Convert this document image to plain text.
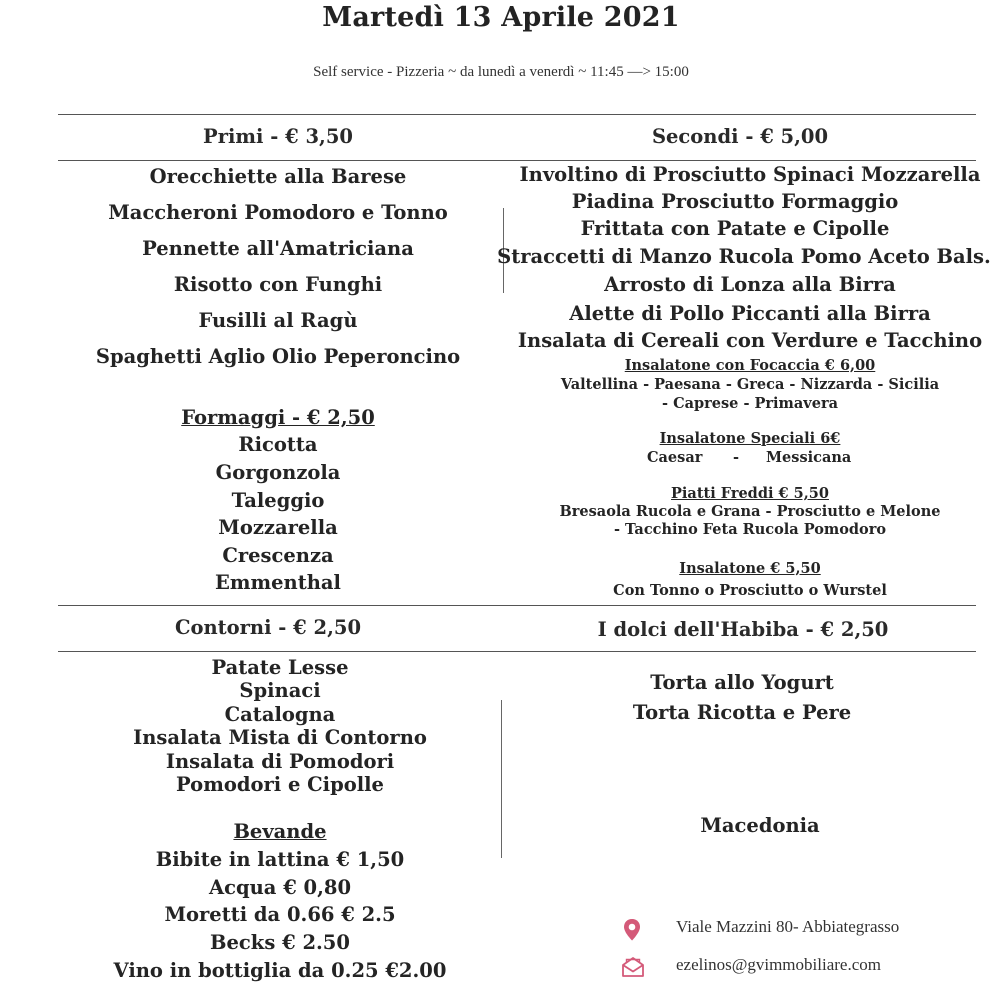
Martedì 13 Aprile 2021
Self service - Pizzeria ~ da lunedì a venerdì ~ 11:45 —> 15:00
Primi - € 3,50	Secondi - € 5,00
Contorni - € 2,50	I dolci dell'Habiba - € 2,50
Orecchiette alla Barese
Maccheroni Pomodoro e Tonno
Pennette all'Amatriciana
Risotto con Funghi
Fusilli al Ragù
Spaghetti Aglio Olio Peperoncino
Formaggi - € 2,50
Ricotta
Gorgonzola
Taleggio
Mozzarella
Crescenza
Emmenthal
Involtino di Prosciutto Spinaci Mozzarella
Piadina Prosciutto Formaggio
Frittata con Patate e Cipolle
Straccetti di Manzo Rucola Pomo Aceto Bals.
Arrosto di Lonza alla Birra
Alette di Pollo Piccanti alla Birra
Insalata di Cereali con Verdure e Tacchino
Insalatone con Focaccia € 6,00
Valtellina - Paesana - Greca - Nizzarda - Sicilia
- Caprese - Primavera
Insalatone Speciali 6€
Caesar - Messicana
Piatti Freddi € 5,50
Bresaola Rucola e Grana - Prosciutto e Melone
- Tacchino Feta Rucola Pomodoro
Insalatone € 5,50
Con Tonno o Prosciutto o Wurstel
Patate Lesse
Spinaci
Catalogna
Insalata Mista di Contorno
Insalata di Pomodori
Pomodori e Cipolle
Bevande
Bibite in lattina € 1,50
Acqua € 0,80
Moretti da 0.66 € 2.5
Becks € 2.50
Vino in bottiglia da 0.25 €2.00
Torta allo Yogurt
Torta Ricotta e Pere
Macedonia
Viale Mazzini 80- Abbiategrasso
ezelinos@gvimmobiliare.com
